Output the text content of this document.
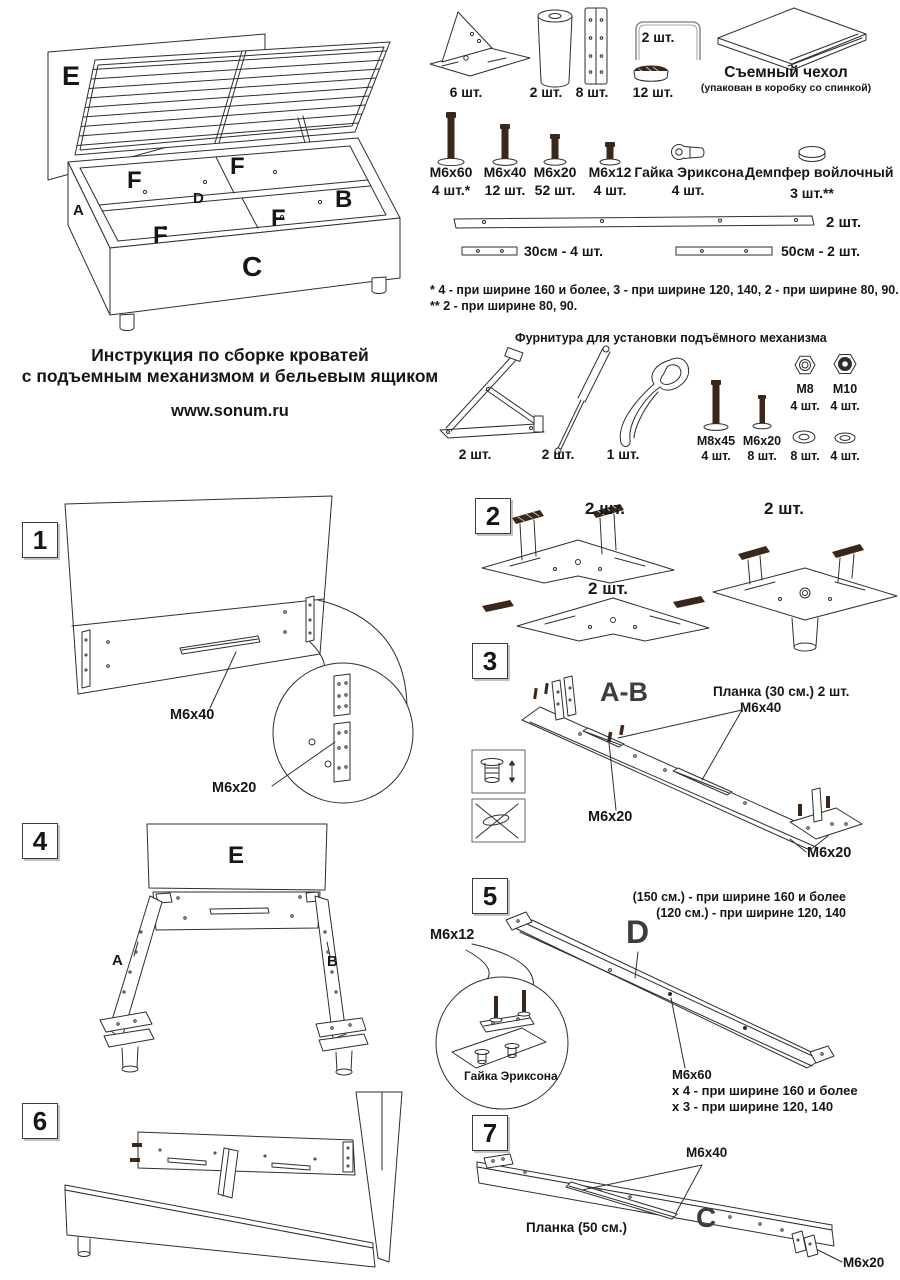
E
F
F
F
F
A	B
C
D
6 шт.	2 шт. 8 шт.
2 шт.
12 шт.
Съемный чехол
(упакован в коробку со спинкой)
М6х60
4 шт.*
М6х40
12 шт.
М6х20
52 шт.
М6х12
4 шт.
Гайка Эриксона
4 шт.
Демпфер войлочный
3 шт.**
2 шт.
30см - 4 шт.	50см - 2 шт.
* 4 - при ширине 160 и более, 3 - при ширине 120, 140, 2 - при ширине 80, 90.
** 2 - при ширине 80, 90.
Инструкция по сборке кроватей
с подъемным механизмом и бельевым ящиком
www.sonum.ru
Фурнитура для установки подъёмного механизма
2 шт.	2 шт.	1 шт.
М8х45
4 шт.
М6х20
8 шт.
М8
4 шт.
М10
4 шт.
8 шт. 4 шт.
1
М6х40
М6х20
2	2 шт.	2 шт.
2 шт.
3
A-B	Планка (30 см.) 2 шт.
М6х40
М6х20
М6х20
4	E
A	B
5	(150 см.) - при ширине 160 и более
(120 см.) - при ширине 120, 140
D
М6х12
Гайка Эриксона	М6х60
х 4 - при ширине 160 и более
х 3 - при ширине 120, 140
6	7
М6х40
Планка (50 см.) C
М6х20
